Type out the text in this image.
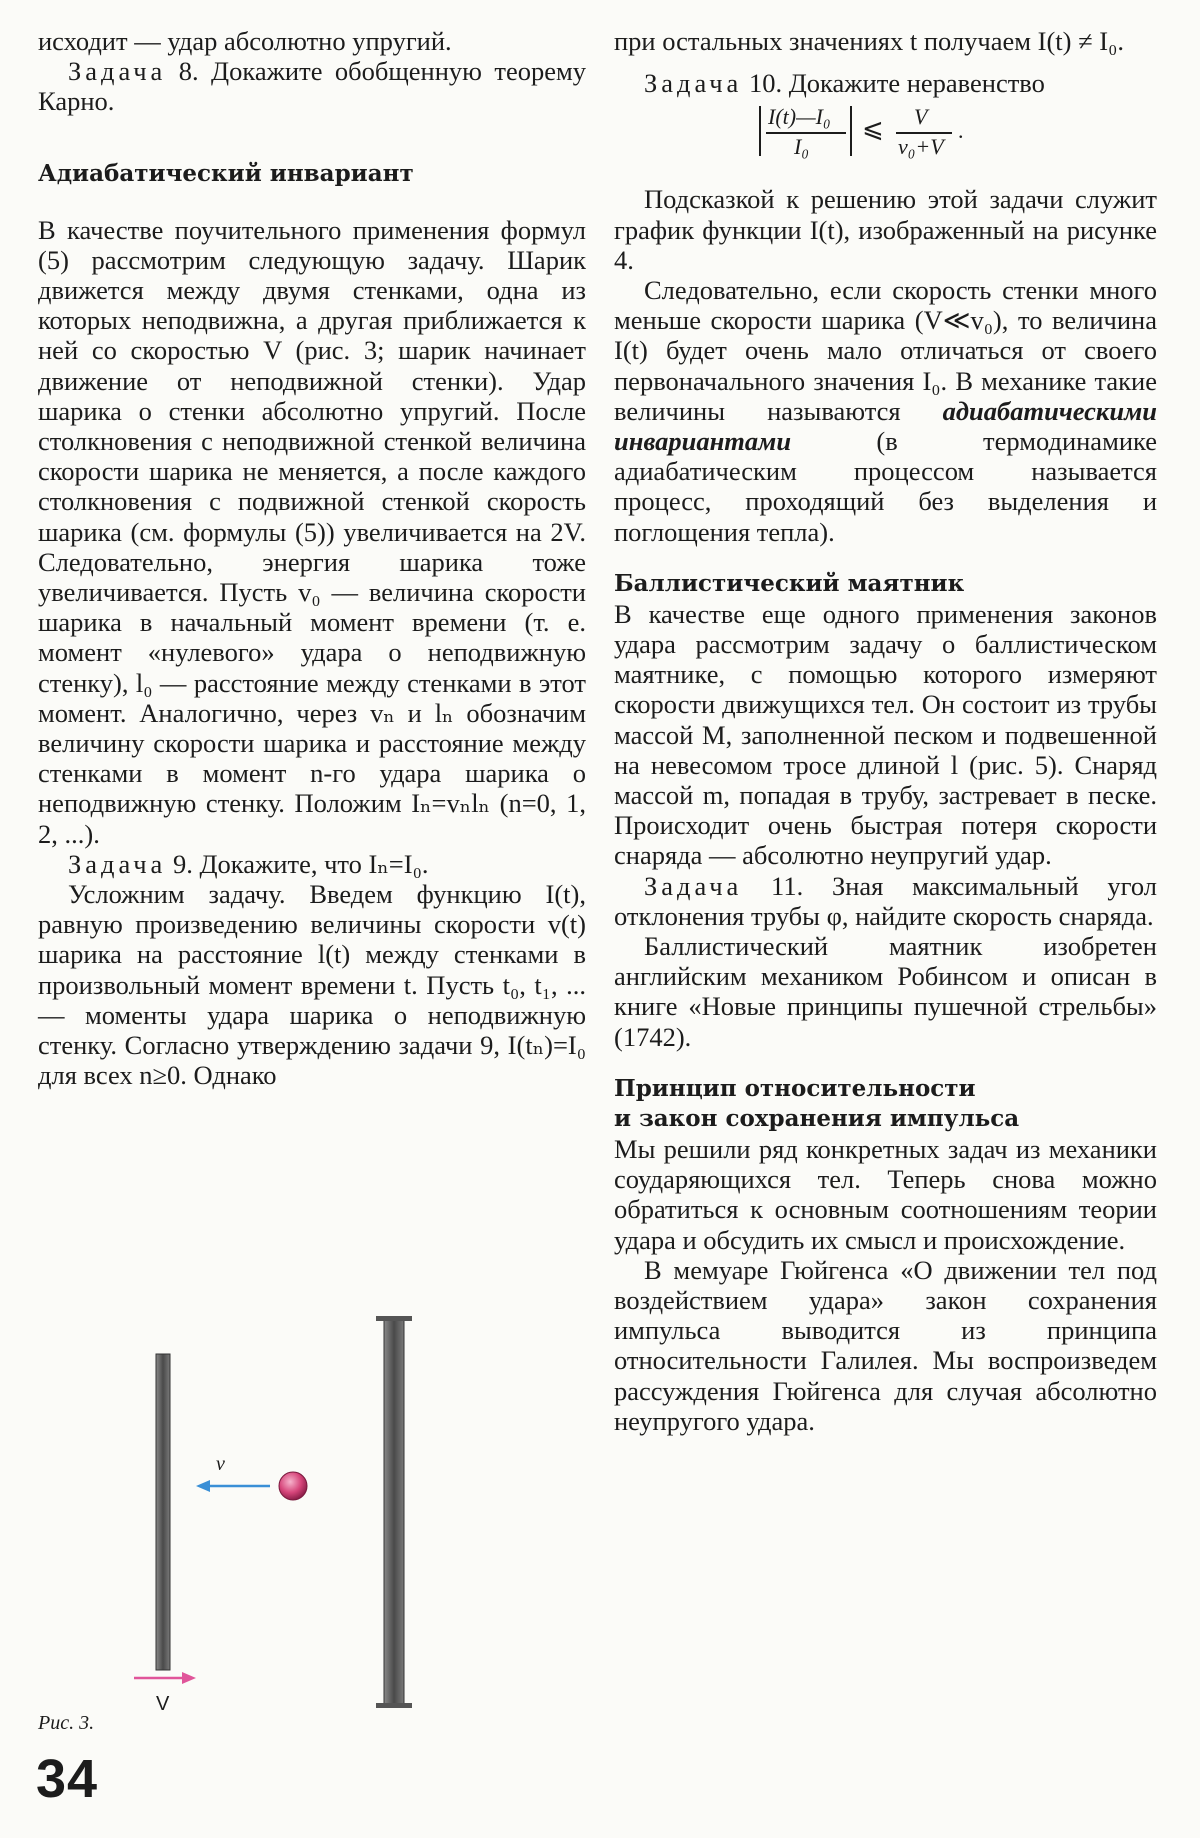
исходит — удар абсолютно упругий.

Задача 8. Докажите обобщенную теорему Карно.

Адиабатический инвариант

В качестве поучительного применения формул (5) рассмотрим следующую задачу. Шарик движется между двумя стенками, одна из которых неподвижна, а другая приближается к ней со скоростью V (рис. 3; шарик начинает движение от неподвижной стенки). Удар шарика о стенки абсолютно упругий. После столкновения с неподвижной стенкой величина скорости шарика не меняется, а после каждого столкновения с подвижной стенкой скорость шарика (см. формулы (5)) увеличивается на 2V. Следовательно, энергия шарика тоже увеличивается. Пусть v₀ — величина скорости шарика в начальный момент времени (т. е. момент «нулевого» удара о неподвижную стенку), l₀ — расстояние между стенками в этот момент. Аналогично, через vₙ и lₙ обозначим величину скорости шарика и расстояние между стенками в момент n-го удара шарика о неподвижную стенку. Положим Iₙ=vₙlₙ (n=0, 1, 2, ...).

Задача 9. Докажите, что Iₙ=I₀.

Усложним задачу. Введем функцию I(t), равную произведению величины скорости v(t) шарика на расстояние l(t) между стенками в произвольный момент времени t. Пусть t₀, t₁, ...— моменты удара шарика о неподвижную стенку. Согласно утверждению задачи 9, I(tₙ)=I₀ для всех n≥0. Однако

v
V
Рис. 3.
34

при остальных значениях t получаем I(t) ≠ I₀.

Задача 10. Докажите неравенство

I(t)—I₀
I₀
⩽ V
v₀+V
.

Подсказкой к решению этой задачи служит график функции I(t), изображенный на рисунке 4.

Следовательно, если скорость стенки много меньше скорости шарика (V≪v₀), то величина I(t) будет очень мало отличаться от своего первоначального значения I₀. В механике такие величины называются адиабатическими инвариантами (в термодинамике адиабатическим процессом называется процесс, проходящий без выделения и поглощения тепла).

Баллистический маятник

В качестве еще одного применения законов удара рассмотрим задачу о баллистическом маятнике, с помощью которого измеряют скорости движущихся тел. Он состоит из трубы массой M, заполненной песком и подвешенной на невесомом тросе длиной l (рис. 5). Снаряд массой m, попадая в трубу, застревает в песке. Происходит очень быстрая потеря скорости снаряда — абсолютно неупругий удар.

Задача 11. Зная максимальный угол отклонения трубы φ, найдите скорость снаряда.

Баллистический маятник изобретен английским механиком Робинсом и описан в книге «Новые принципы пушечной стрельбы» (1742).

Принцип относительности
и закон сохранения импульса

Мы решили ряд конкретных задач из механики соударяющихся тел. Теперь снова можно обратиться к основным соотношениям теории удара и обсудить их смысл и происхождение.

В мемуаре Гюйгенса «О движении тел под воздействием удара» закон сохранения импульса выводится из принципа относительности Галилея. Мы воспроизведем рассуждения Гюйгенса для случая абсолютно неупругого удара.
